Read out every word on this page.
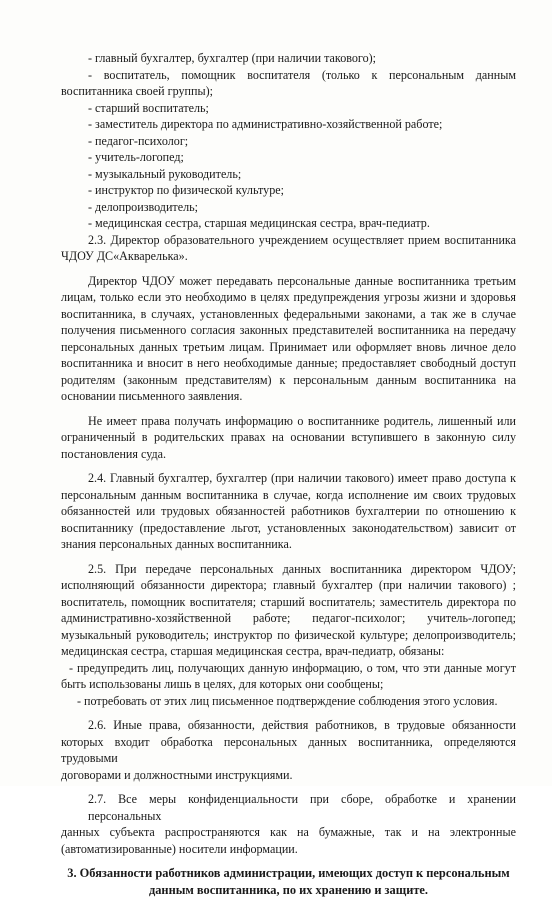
- главный бухгалтер, бухгалтер (при наличии такового);

- воспитатель, помощник воспитателя (только к персональным данным

воспитанника своей группы);

- старший воспитатель;

- заместитель директора по административно-хозяйственной работе;

- педагог-психолог;

- учитель-логопед;

- музыкальный руководитель;

- инструктор по физической культуре;

- делопроизводитель;

- медицинская сестра, старшая медицинская сестра, врач-педиатр.

2.3. Директор образовательного учреждением осуществляет прием воспитанника

ЧДОУ ДС«Акварелька».

Директор ЧДОУ может передавать персональные данные воспитанника третьим

лицам, только если это необходимо в целях предупреждения угрозы жизни и здоровья

воспитанника, в случаях, установленных федеральными законами, а так же в случае

получения письменного согласия законных представителей воспитанника на передачу

персональных данных третьим лицам. Принимает или оформляет вновь личное дело

воспитанника и вносит в него необходимые данные; предоставляет свободный доступ

родителям (законным представителям) к персональным данным воспитанника на

основании письменного заявления.

Не имеет права получать информацию о воспитаннике родитель, лишенный или

ограниченный в родительских правах на основании вступившего в законную силу

постановления суда.

2.4. Главный бухгалтер, бухгалтер (при наличии такового) имеет право доступа к

персональным данным воспитанника в случае, когда исполнение им своих трудовых

обязанностей или трудовых обязанностей работников бухгалтерии по отношению к

воспитаннику (предоставление льгот, установленных законодательством) зависит от

знания персональных данных воспитанника.

2.5. При передаче персональных данных воспитанника директором ЧДОУ;

исполняющий обязанности директора; главный бухгалтер (при наличии такового) ;

воспитатель, помощник воспитателя; старший воспитатель; заместитель директора по

административно-хозяйственной работе; педагог-психолог; учитель-логопед;

музыкальный руководитель; инструктор по физической культуре; делопроизводитель;

медицинская сестра, старшая медицинская сестра, врач-педиатр, обязаны:

- предупредить лиц, получающих данную информацию, о том, что эти данные могут

быть использованы лишь в целях, для которых они сообщены;

- потребовать от этих лиц письменное подтверждение соблюдения этого условия.

2.6. Иные права, обязанности, действия работников, в трудовые обязанности

которых входит обработка персональных данных воспитанника, определяются трудовыми

договорами и должностными инструкциями.

2.7. Все меры конфиденциальности при сборе, обработке и хранении персональных

данных субъекта распространяются как на бумажные, так и на электронные

(автоматизированные) носители информации.

3. Обязанности работников администрации, имеющих доступ к персональным

данным воспитанника, по их хранению и защите.
